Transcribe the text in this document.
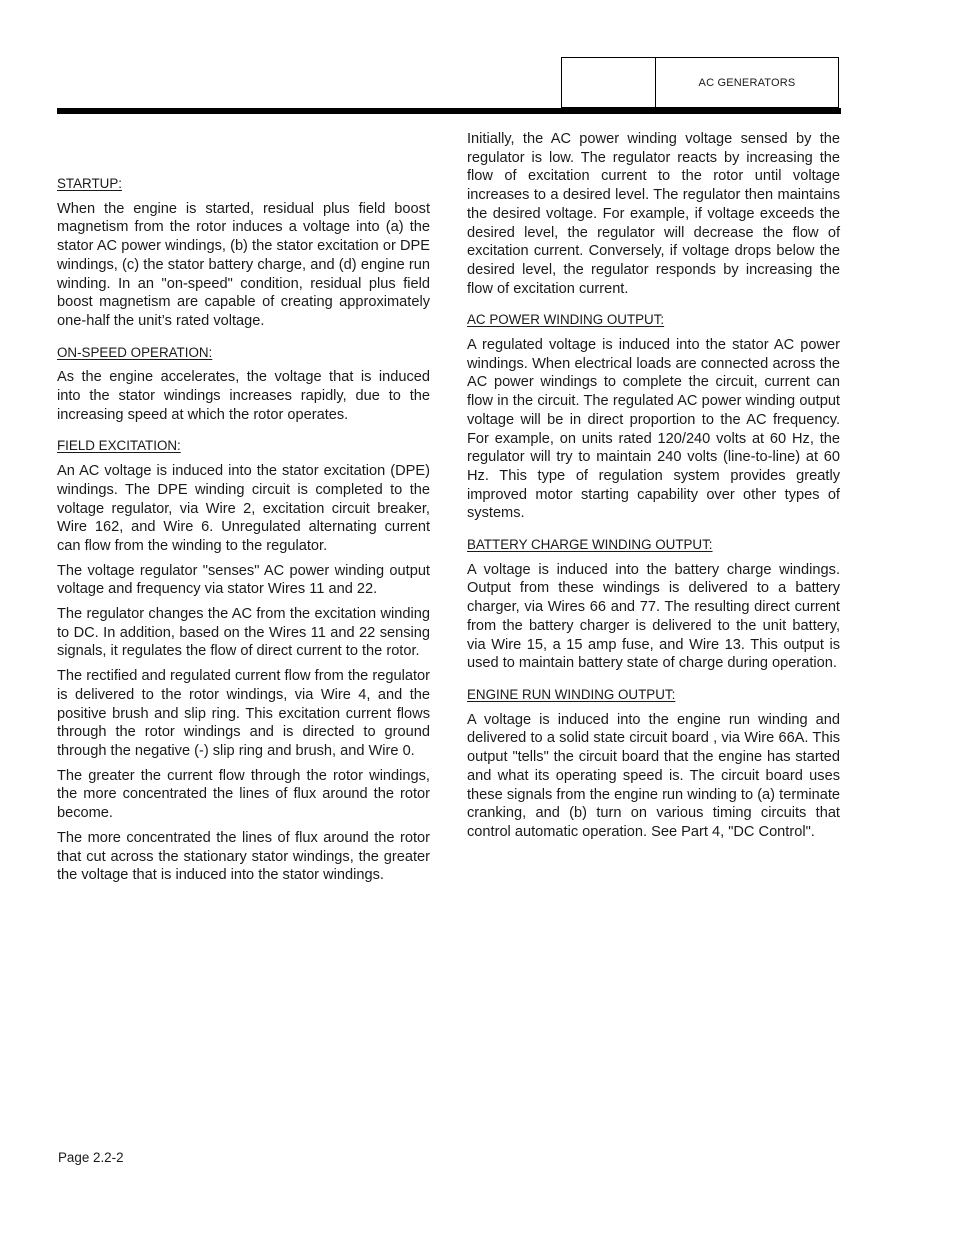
AC GENERATORS
STARTUP:

When the engine is started, residual plus field boost magnetism from the rotor induces a voltage into (a) the stator AC power windings, (b) the stator excitation or DPE windings, (c) the stator battery charge, and (d) engine run winding. In an "on-speed" condition, residual plus field boost magnetism are capable of creating approximately one-half the unit’s rated voltage.

ON-SPEED OPERATION:

As the engine accelerates, the voltage that is induced into the stator windings increases rapidly, due to the increasing speed at which the rotor operates.

FIELD EXCITATION:

An AC voltage is induced into the stator excitation (DPE) windings. The DPE winding circuit is completed to the voltage regulator, via Wire 2, excitation circuit breaker, Wire 162, and Wire 6. Unregulated alternating current can flow from the winding to the regulator.

The voltage regulator "senses" AC power winding output voltage and frequency via stator Wires 11 and 22.

The regulator changes the AC from the excitation winding to DC. In addition, based on the Wires 11 and 22 sensing signals, it regulates the flow of direct current to the rotor.

The rectified and regulated current flow from the regulator is delivered to the rotor windings, via Wire 4, and the positive brush and slip ring. This excitation current flows through the rotor windings and is directed to ground through the negative (-) slip ring and brush, and Wire 0.

The greater the current flow through the rotor windings, the more concentrated the lines of flux around the rotor become.

The more concentrated the lines of flux around the rotor that cut across the stationary stator windings, the greater the voltage that is induced into the stator windings.

Initially, the AC power winding voltage sensed by the regulator is low. The regulator reacts by increasing the flow of excitation current to the rotor until voltage increases to a desired level. The regulator then maintains the desired voltage. For example, if voltage exceeds the desired level, the regulator will decrease the flow of excitation current. Conversely, if voltage drops below the desired level, the regulator responds by increasing the flow of excitation current.

AC POWER WINDING OUTPUT:

A regulated voltage is induced into the stator AC power windings. When electrical loads are connected across the AC power windings to complete the circuit, current can flow in the circuit. The regulated AC power winding output voltage will be in direct proportion to the AC frequency. For example, on units rated 120/240 volts at 60 Hz, the regulator will try to maintain 240 volts (line-to-line) at 60 Hz. This type of regulation system provides greatly improved motor starting capability over other types of systems.

BATTERY CHARGE WINDING OUTPUT:

A voltage is induced into the battery charge windings. Output from these windings is delivered to a battery charger, via Wires 66 and 77. The resulting direct current from the battery charger is delivered to the unit battery, via Wire 15, a 15 amp fuse, and Wire 13. This output is used to maintain battery state of charge during operation.

ENGINE RUN WINDING OUTPUT:

A voltage is induced into the engine run winding and delivered to a solid state circuit board , via Wire 66A. This output "tells" the circuit board that the engine has started and what its operating speed is. The circuit board uses these signals from the engine run winding to (a) terminate cranking, and (b) turn on various timing circuits that control automatic operation. See Part 4, "DC Control".

Page 2.2-2
